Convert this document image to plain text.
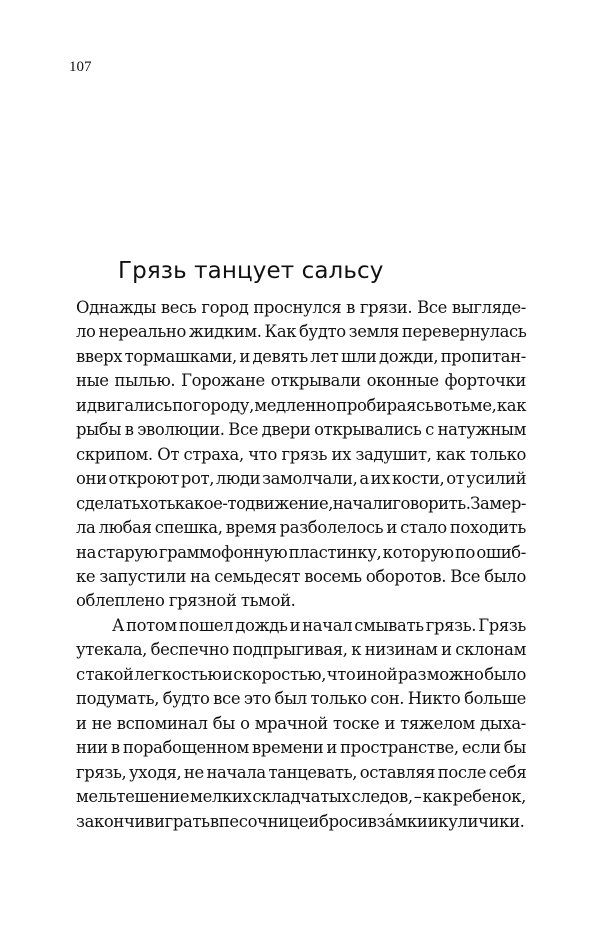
107
Грязь танцует сальсу
Однажды весь город проснулся в грязи. Все выгляде-
ло нереально жидким. Как будто земля перевернулась
вверх тормашками, и девять лет шли дожди, пропитан-
ные пылью. Горожане открывали оконные форточки
и двигались по городу, медленно пробираясь во тьме, как
рыбы в эволюции. Все двери открывались с натужным
скрипом. От страха, что грязь их задушит, как только
они откроют рот, люди замолчали, а их кости, от усилий
сделать хоть какое-то движение, начали говорить. Замер-
ла любая спешка, время разболелось и стало походить
на старую граммофонную пластинку, которую по ошиб-
ке запустили на семьдесят восемь оборотов. Все было
облеплено грязной тьмой.
А потом пошел дождь и начал смывать грязь. Грязь
утекала, беспечно подпрыгивая, к низинам и склонам
с такой легкостью и скоростью, что иной раз можно было
подумать, будто все это был только сон. Никто больше
и не вспоминал бы о мрачной тоске и тяжелом дыха-
нии в порабощенном времени и пространстве, если бы
грязь, уходя, не начала танцевать, оставляя после себя
мельтешение мелких складчатых следов, – как ребенок,
закончив играть в песочнице и бросив за́мки и куличики.
